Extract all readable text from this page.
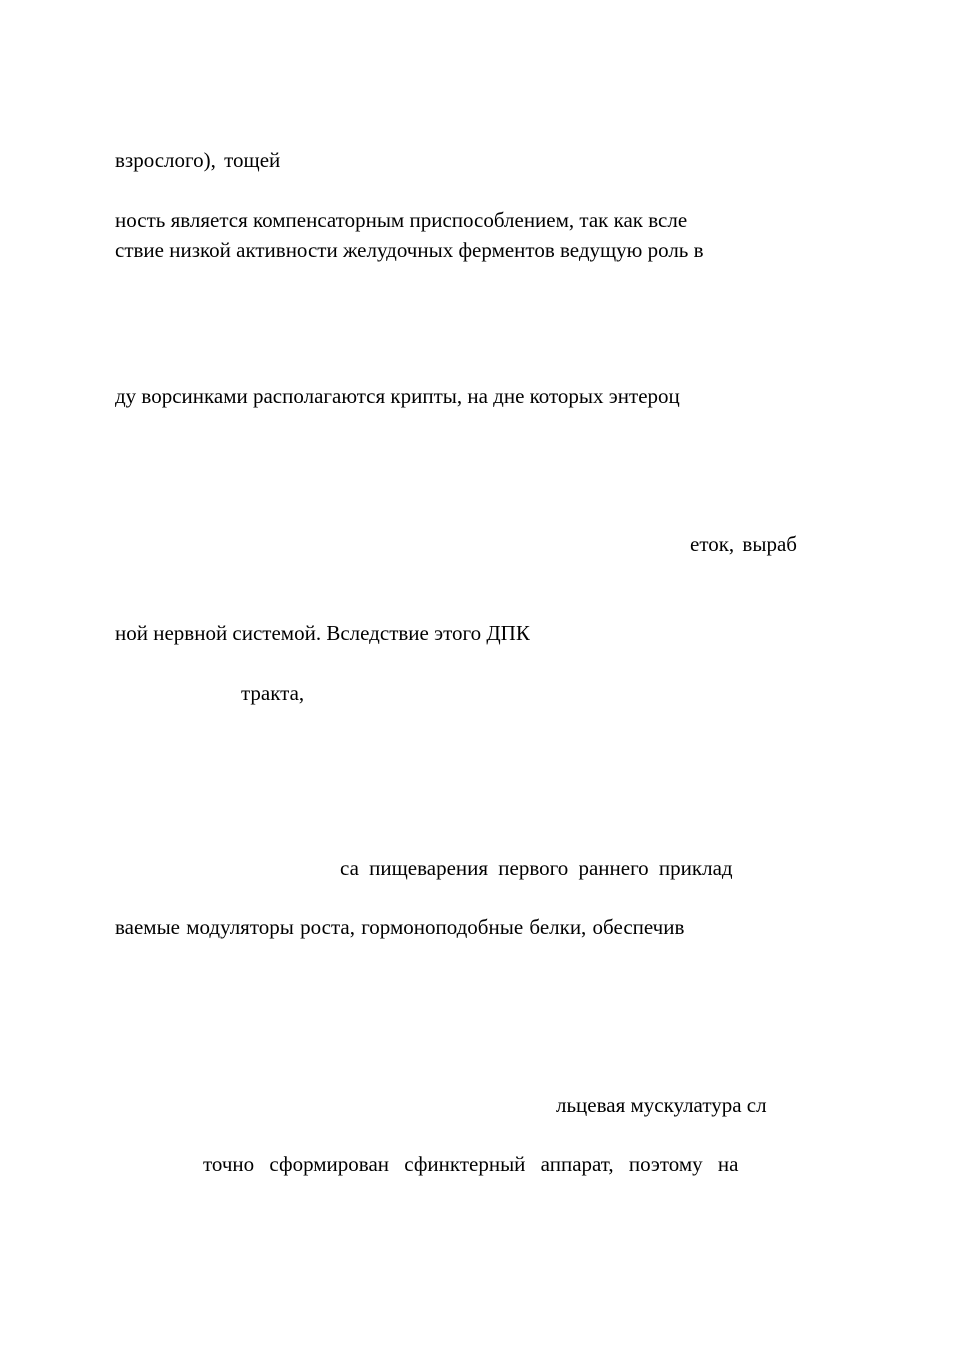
взрослого), тощей

ность является компенсаторным приспособлением, так как всле

ствие низкой активности желудочных ферментов ведущую роль в

ду ворсинками располагаются крипты, на дне которых энтероц

еток, выраб

ной нервной системой. Вследствие этого ДПК

тракта,

са пищеварения первого раннего приклад

ваемые модуляторы роста, гормоноподобные белки, обеспечив

льцевая мускулатура сл

точно сформирован сфинктерный аппарат, поэтому на
